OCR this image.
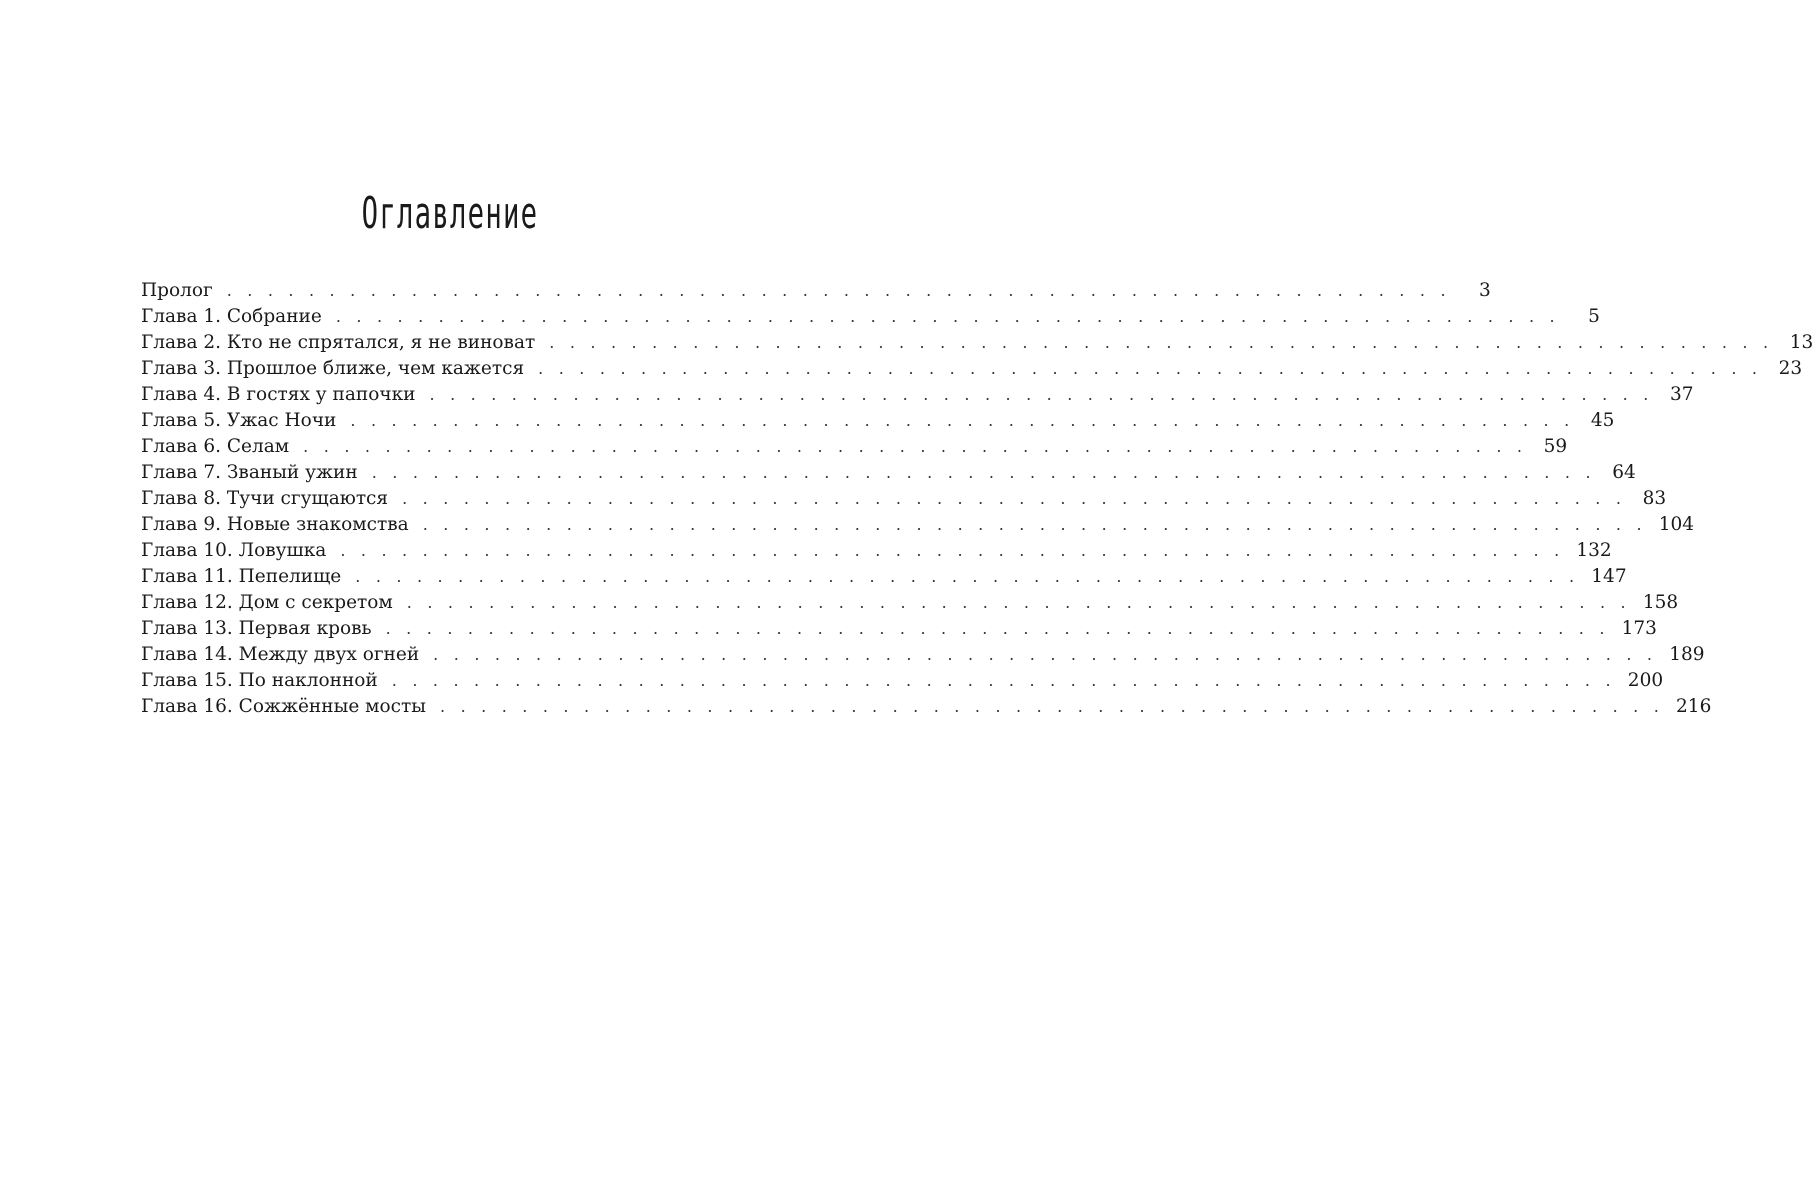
Оглавление
Пролог . . . . . . . . . . . . . . . . . . . . . . . . . . . . . . . . . . . . . . . . . . . . . . . . . . . . . . . . . . . .	3
Глава 1. Собрание . . . . . . . . . . . . . . . . . . . . . . . . . . . . . . . . . . . . . . . . . . . . . . . . . . . . . . . . . . . .	5
Глава 2. Кто не спрятался, я не виноват . . . . . . . . . . . . . . . . . . . . . . . . . . . . . . . . . . . . . . . . . . . . . . . . . . . . . . . . . . . . 13
Глава 3. Прошлое ближе, чем кажется . . . . . . . . . . . . . . . . . . . . . . . . . . . . . . . . . . . . . . . . . . . . . . . . . . . . . . . . . . . . 23
Глава 4. В гостях у папочки . . . . . . . . . . . . . . . . . . . . . . . . . . . . . . . . . . . . . . . . . . . . . . . . . . . . . . . . . . . . 37
Глава 5. Ужас Ночи . . . . . . . . . . . . . . . . . . . . . . . . . . . . . . . . . . . . . . . . . . . . . . . . . . . . . . . . . . . . 45
Глава 6. Селам . . . . . . . . . . . . . . . . . . . . . . . . . . . . . . . . . . . . . . . . . . . . . . . . . . . . . . . . . . . . 59
Глава 7. Званый ужин . . . . . . . . . . . . . . . . . . . . . . . . . . . . . . . . . . . . . . . . . . . . . . . . . . . . . . . . . . . . 64
Глава 8. Тучи сгущаются . . . . . . . . . . . . . . . . . . . . . . . . . . . . . . . . . . . . . . . . . . . . . . . . . . . . . . . . . . . . 83
Глава 9. Новые знакомства . . . . . . . . . . . . . . . . . . . . . . . . . . . . . . . . . . . . . . . . . . . . . . . . . . . . . . . . . . . . 104
Глава 10. Ловушка . . . . . . . . . . . . . . . . . . . . . . . . . . . . . . . . . . . . . . . . . . . . . . . . . . . . . . . . . . . . 132
Глава 11. Пепелище . . . . . . . . . . . . . . . . . . . . . . . . . . . . . . . . . . . . . . . . . . . . . . . . . . . . . . . . . . . . 147
Глава 12. Дом с секретом . . . . . . . . . . . . . . . . . . . . . . . . . . . . . . . . . . . . . . . . . . . . . . . . . . . . . . . . . . . . 158
Глава 13. Первая кровь . . . . . . . . . . . . . . . . . . . . . . . . . . . . . . . . . . . . . . . . . . . . . . . . . . . . . . . . . . . . 173
Глава 14. Между двух огней . . . . . . . . . . . . . . . . . . . . . . . . . . . . . . . . . . . . . . . . . . . . . . . . . . . . . . . . . . . . 189
Глава 15. По наклонной . . . . . . . . . . . . . . . . . . . . . . . . . . . . . . . . . . . . . . . . . . . . . . . . . . . . . . . . . . . . 200
Глава 16. Сожжённые мосты . . . . . . . . . . . . . . . . . . . . . . . . . . . . . . . . . . . . . . . . . . . . . . . . . . . . . . . . . . . . 216
